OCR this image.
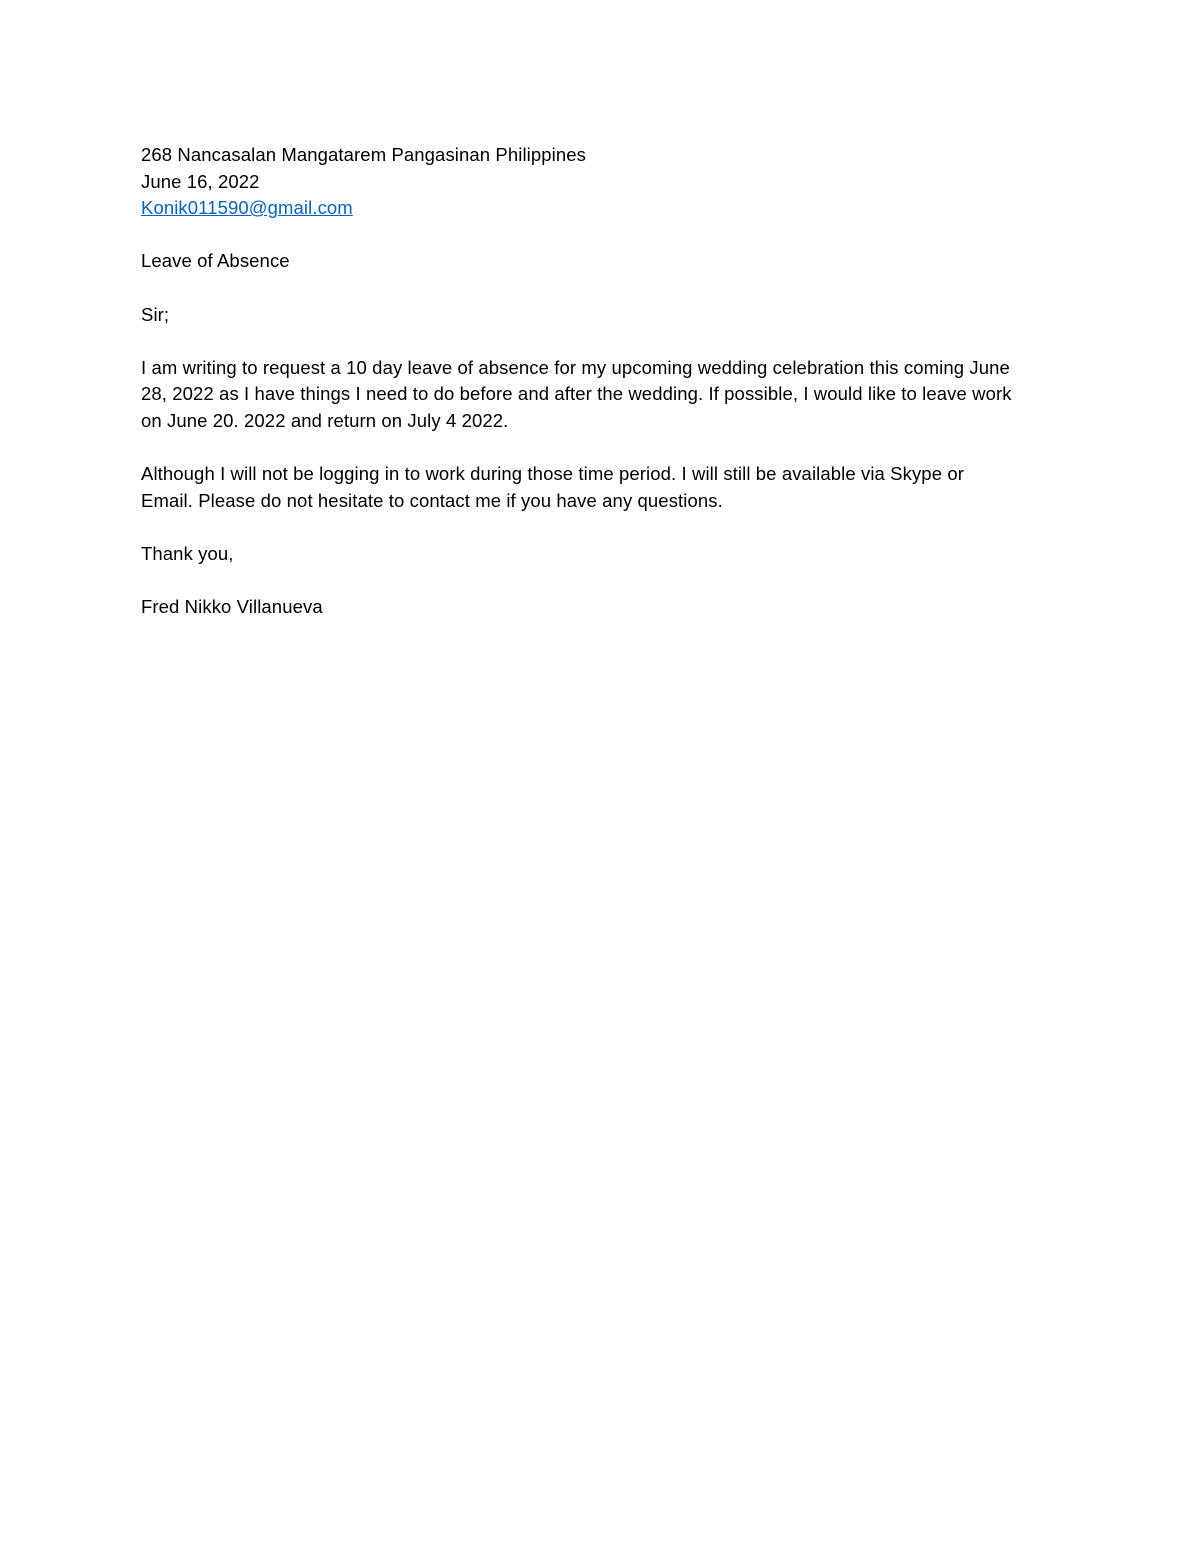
268 Nancasalan Mangatarem Pangasinan Philippines
June 16, 2022
Konik011590@gmail.com
Leave of Absence
Sir;
I am writing to request a 10 day leave of absence for my upcoming wedding celebration this coming June
28, 2022 as I have things I need to do before and after the wedding. If possible, I would like to leave work
on June 20. 2022 and return on July 4 2022.
Although I will not be logging in to work during those time period. I will still be available via Skype or
Email. Please do not hesitate to contact me if you have any questions.
Thank you,
Fred Nikko Villanueva
